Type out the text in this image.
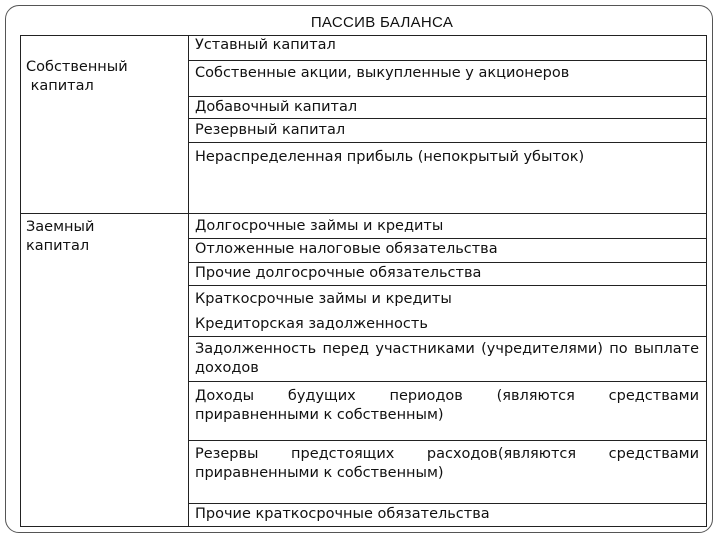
ПАССИВ БАЛАНСА
Собственный
капитал
Уставный капитал
Собственные акции, выкупленные у акционеров
Добавочный капитал
Резервный капитал
Нераспределенная прибыль (непокрытый убыток)
Заемный
капитал
Долгосрочные займы и кредиты
Отложенные налоговые обязательства
Прочие долгосрочные обязательства
Краткосрочные займы и кредиты
Кредиторская задолженность
Задолженность перед участниками (учредителями) по выплате доходов
Доходы будущих периодов (являются средствами приравненными к собственным)
Резервы предстоящих расходов(являются средствами приравненными к собственным)
Прочие краткосрочные обязательства
